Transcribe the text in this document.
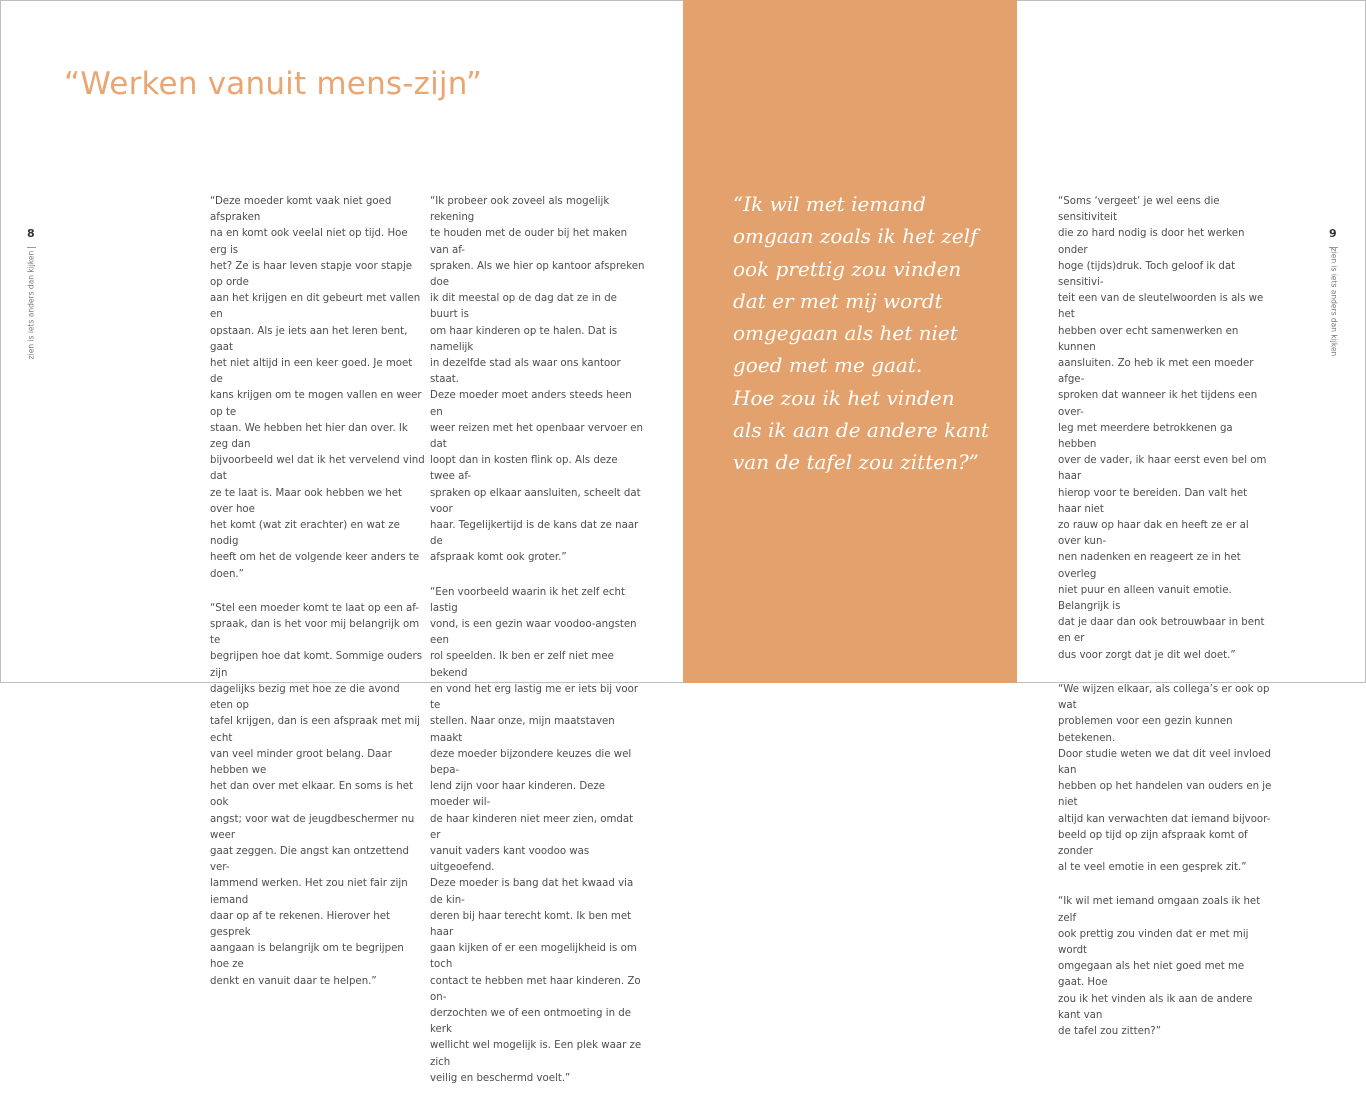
“Werken vanuit mens-zijn”
8
zien is iets anders dan kijken

“Deze moeder komt vaak niet goed afspraken
na en komt ook veelal niet op tijd. Hoe erg is
het? Ze is haar leven stapje voor stapje op orde
aan het krijgen en dit gebeurt met vallen en
opstaan. Als je iets aan het leren bent, gaat
het niet altijd in een keer goed. Je moet de
kans krijgen om te mogen vallen en weer op te
staan. We hebben het hier dan over. Ik zeg dan
bijvoorbeeld wel dat ik het vervelend vind dat
ze te laat is. Maar ook hebben we het over hoe
het komt (wat zit erachter) en wat ze nodig
heeft om het de volgende keer anders te
doen.”

“Stel een moeder komt te laat op een af-
spraak, dan is het voor mij belangrijk om te
begrijpen hoe dat komt. Sommige ouders zijn
dagelijks bezig met hoe ze die avond eten op
tafel krijgen, dan is een afspraak met mij echt
van veel minder groot belang. Daar hebben we
het dan over met elkaar. En soms is het ook
angst; voor wat de jeugdbeschermer nu weer
gaat zeggen. Die angst kan ontzettend ver-
lammend werken. Het zou niet fair zijn iemand
daar op af te rekenen. Hierover het gesprek
aangaan is belangrijk om te begrijpen hoe ze
denkt en vanuit daar te helpen.”

“Ik probeer ook zoveel als mogelijk rekening
te houden met de ouder bij het maken van af-
spraken. Als we hier op kantoor afspreken doe
ik dit meestal op de dag dat ze in de buurt is
om haar kinderen op te halen. Dat is namelijk
in dezelfde stad als waar ons kantoor staat.
Deze moeder moet anders steeds heen en
weer reizen met het openbaar vervoer en dat
loopt dan in kosten flink op. Als deze twee af-
spraken op elkaar aansluiten, scheelt dat voor
haar. Tegelijkertijd is de kans dat ze naar de
afspraak komt ook groter.”

“Een voorbeeld waarin ik het zelf echt lastig
vond, is een gezin waar voodoo-angsten een
rol speelden. Ik ben er zelf niet mee bekend
en vond het erg lastig me er iets bij voor te
stellen. Naar onze, mijn maatstaven maakt
deze moeder bijzondere keuzes die wel bepa-
lend zijn voor haar kinderen. Deze moeder wil-
de haar kinderen niet meer zien, omdat er
vanuit vaders kant voodoo was uitgeoefend.
Deze moeder is bang dat het kwaad via de kin-
deren bij haar terecht komt. Ik ben met haar
gaan kijken of er een mogelijkheid is om toch
contact te hebben met haar kinderen. Zo on-
derzochten we of een ontmoeting in de kerk
wellicht wel mogelijk is. Een plek waar ze zich
veilig en beschermd voelt.”

“Ik wil met iemand
omgaan zoals ik het zelf
ook prettig zou vinden
dat er met mij wordt
omgegaan als het niet
goed met me gaat.
Hoe zou ik het vinden
als ik aan de andere kant
van de tafel zou zitten?”

“Soms ‘vergeet’ je wel eens die sensitiviteit
die zo hard nodig is door het werken onder
hoge (tijds)druk. Toch geloof ik dat sensitivi-
teit een van de sleutelwoorden is als we het
hebben over echt samenwerken en kunnen
aansluiten. Zo heb ik met een moeder afge-
sproken dat wanneer ik het tijdens een over-
leg met meerdere betrokkenen ga hebben
over de vader, ik haar eerst even bel om haar
hierop voor te bereiden. Dan valt het haar niet
zo rauw op haar dak en heeft ze er al over kun-
nen nadenken en reageert ze in het overleg
niet puur en alleen vanuit emotie. Belangrijk is
dat je daar dan ook betrouwbaar in bent en er
dus voor zorgt dat je dit wel doet.”

“We wijzen elkaar, als collega’s er ook op wat
problemen voor een gezin kunnen betekenen.
Door studie weten we dat dit veel invloed kan
hebben op het handelen van ouders en je niet
altijd kan verwachten dat iemand bijvoor-
beeld op tijd op zijn afspraak komt of zonder
al te veel emotie in een gesprek zit.”

“Ik wil met iemand omgaan zoals ik het zelf
ook prettig zou vinden dat er met mij wordt
omgegaan als het niet goed met me gaat. Hoe
zou ik het vinden als ik aan de andere kant van
de tafel zou zitten?”

9
zien is iets anders dan kijken
